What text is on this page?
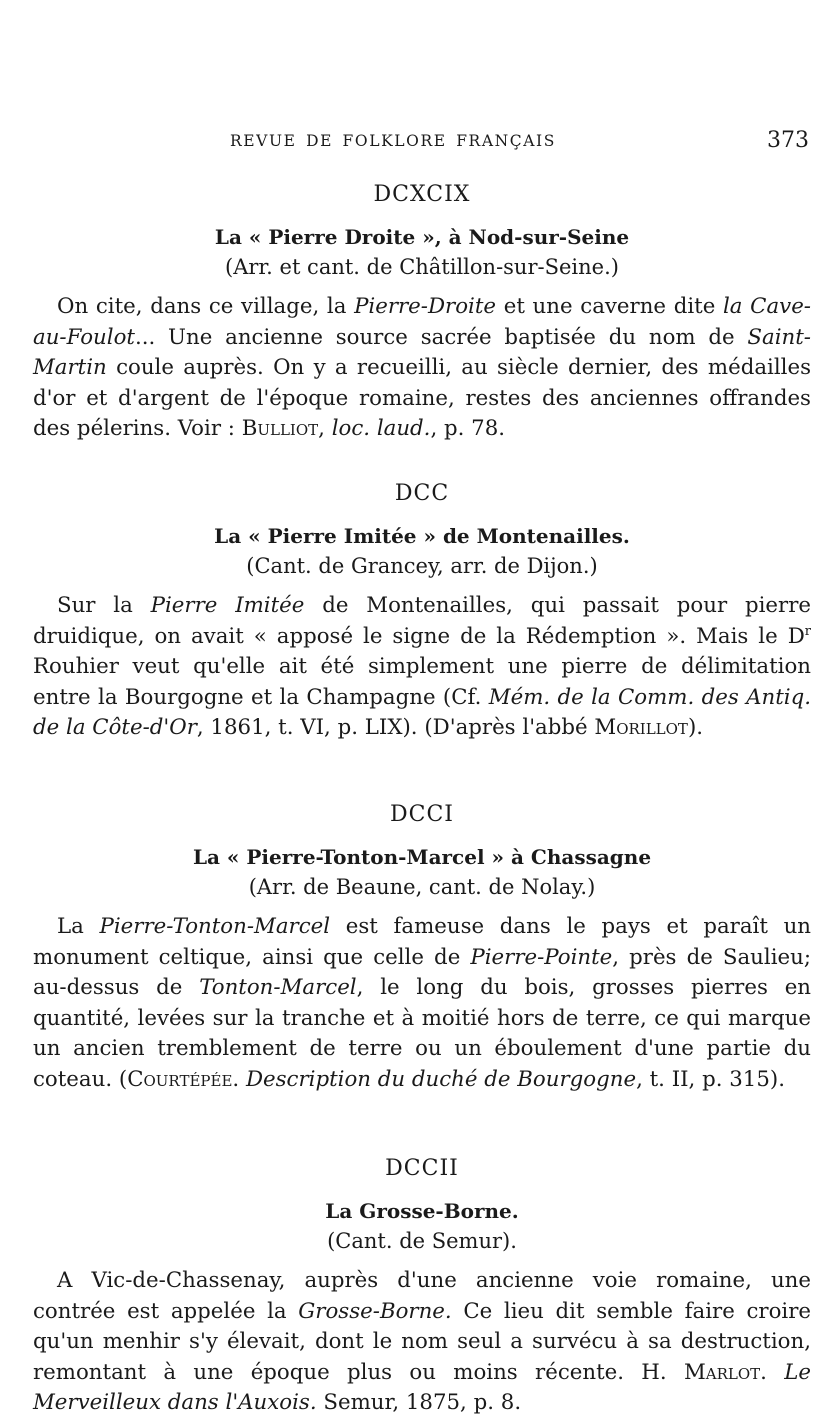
REVUE DE FOLKLORE FRANÇAIS	373
DCXCIX
La « Pierre Droite », à Nod-sur-Seine
(Arr. et cant. de Châtillon-sur-Seine.)
On cite, dans ce village, la Pierre-Droite et une caverne dite la Cave-au-Foulot... Une ancienne source sacrée baptisée du nom de Saint-Martin coule auprès. On y a recueilli, au siècle dernier, des médailles d'or et d'argent de l'époque romaine, restes des anciennes offrandes des pélerins. Voir : Bulliot, loc. laud., p. 78.
DCC
La « Pierre Imitée » de Montenailles.
(Cant. de Grancey, arr. de Dijon.)
Sur la Pierre Imitée de Montenailles, qui passait pour pierre druidique, on avait « apposé le signe de la Rédemption ». Mais le $D^r$ Rouhier veut qu'elle ait été simplement une pierre de délimitation entre la Bourgogne et la Champagne (Cf. Mém. de la Comm. des Antiq. de la Côte-d'Or, 1861, t. VI, p. LIX). (D'après l'abbé Morillot).
DCCI
La « Pierre-Tonton-Marcel » à Chassagne
(Arr. de Beaune, cant. de Nolay.)
La Pierre-Tonton-Marcel est fameuse dans le pays et paraît un monument celtique, ainsi que celle de Pierre-Pointe, près de Saulieu; au-dessus de Tonton-Marcel, le long du bois, grosses pierres en quantité, levées sur la tranche et à moitié hors de terre, ce qui marque un ancien tremblement de terre ou un éboulement d'une partie du coteau. (Courtépée. Description du duché de Bourgogne, t. II, p. 315).
DCCII
La Grosse-Borne.
(Cant. de Semur).
A Vic-de-Chassenay, auprès d'une ancienne voie romaine, une contrée est appelée la Grosse-Borne. Ce lieu dit semble faire croire qu'un menhir s'y élevait, dont le nom seul a survécu à sa destruction, remontant à une époque plus ou moins récente. H. Marlot. Le Merveilleux dans l'Auxois. Semur, 1875, p. 8.
